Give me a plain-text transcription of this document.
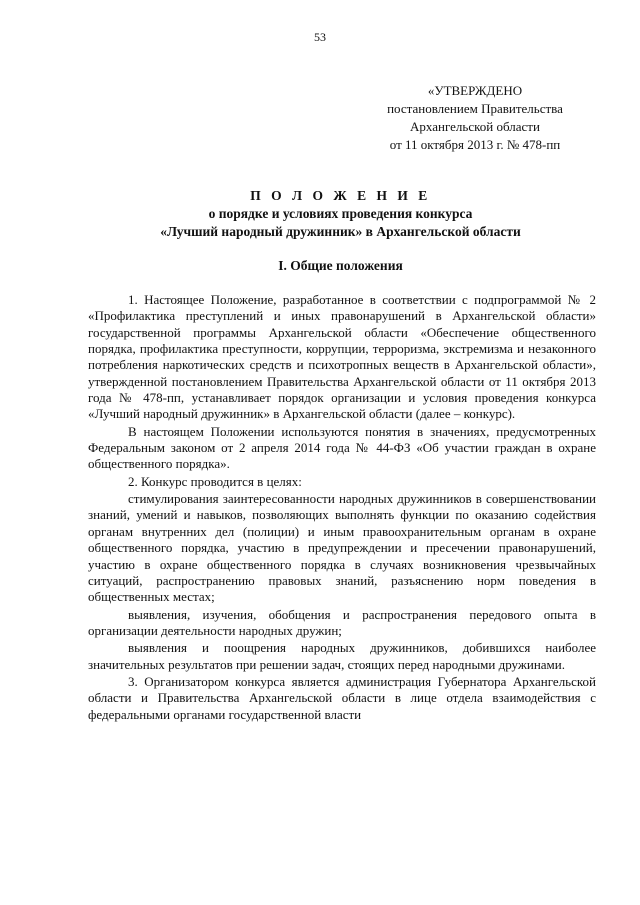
53
«УТВЕРЖДЕНО
постановлением Правительства
Архангельской области
от 11 октября 2013 г. № 478-пп
П О Л О Ж Е Н И Е
о порядке и условиях проведения конкурса
«Лучший народный дружинник» в Архангельской области
I. Общие положения

1. Настоящее Положение, разработанное в соответствии с подпрограммой № 2 «Профилактика преступлений и иных правонарушений в Архангельской области» государственной программы Архангельской области «Обеспечение общественного порядка, профилактика преступности, коррупции, терроризма, экстремизма и незаконного потребления наркотических средств и психотропных веществ в Архангельской области», утвержденной постановлением Правительства Архангельской области от 11 октября 2013 года № 478-пп, устанавливает порядок организации и условия проведения конкурса «Лучший народный дружинник» в Архангельской области (далее – конкурс).

В настоящем Положении используются понятия в значениях, предусмотренных Федеральным законом от 2 апреля 2014 года № 44-ФЗ «Об участии граждан в охране общественного порядка».

2. Конкурс проводится в целях:

стимулирования заинтересованности народных дружинников в совершенствовании знаний, умений и навыков, позволяющих выполнять функции по оказанию содействия органам внутренних дел (полиции) и иным правоохранительным органам в охране общественного порядка, участию в предупреждении и пресечении правонарушений, участию в охране общественного порядка в случаях возникновения чрезвычайных ситуаций, распространению правовых знаний, разъяснению норм поведения в общественных местах;

выявления, изучения, обобщения и распространения передового опыта в организации деятельности народных дружин;

выявления и поощрения народных дружинников, добившихся наиболее значительных результатов при решении задач, стоящих перед народными дружинами.

3. Организатором конкурса является администрация Губернатора Архангельской области и Правительства Архангельской области в лице отдела взаимодействия с федеральными органами государственной власти
